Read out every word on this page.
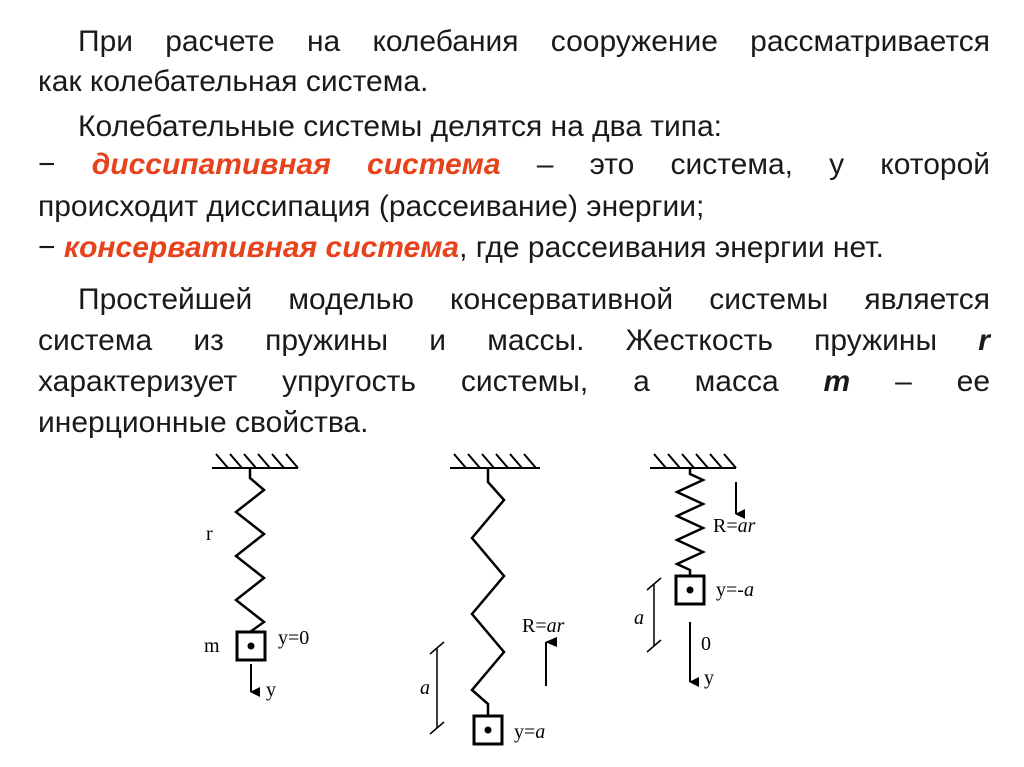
При расчете на колебания сооружение рассматривается
как колебательная система.
Колебательные системы делятся на два типа:
− диссипативная система – это система, у которой
происходит диссипация (рассеивание) энергии;
− консервативная система, где рассеивания энергии нет.
Простейшей моделью консервативной системы является
система из пружины и массы. Жесткость пружины r
характеризует упругость системы, а масса m – ее
инерционные свойства.
r
m	y=0
y	a
R=ar
y=a
R=ar
y=-a
a
0
y
